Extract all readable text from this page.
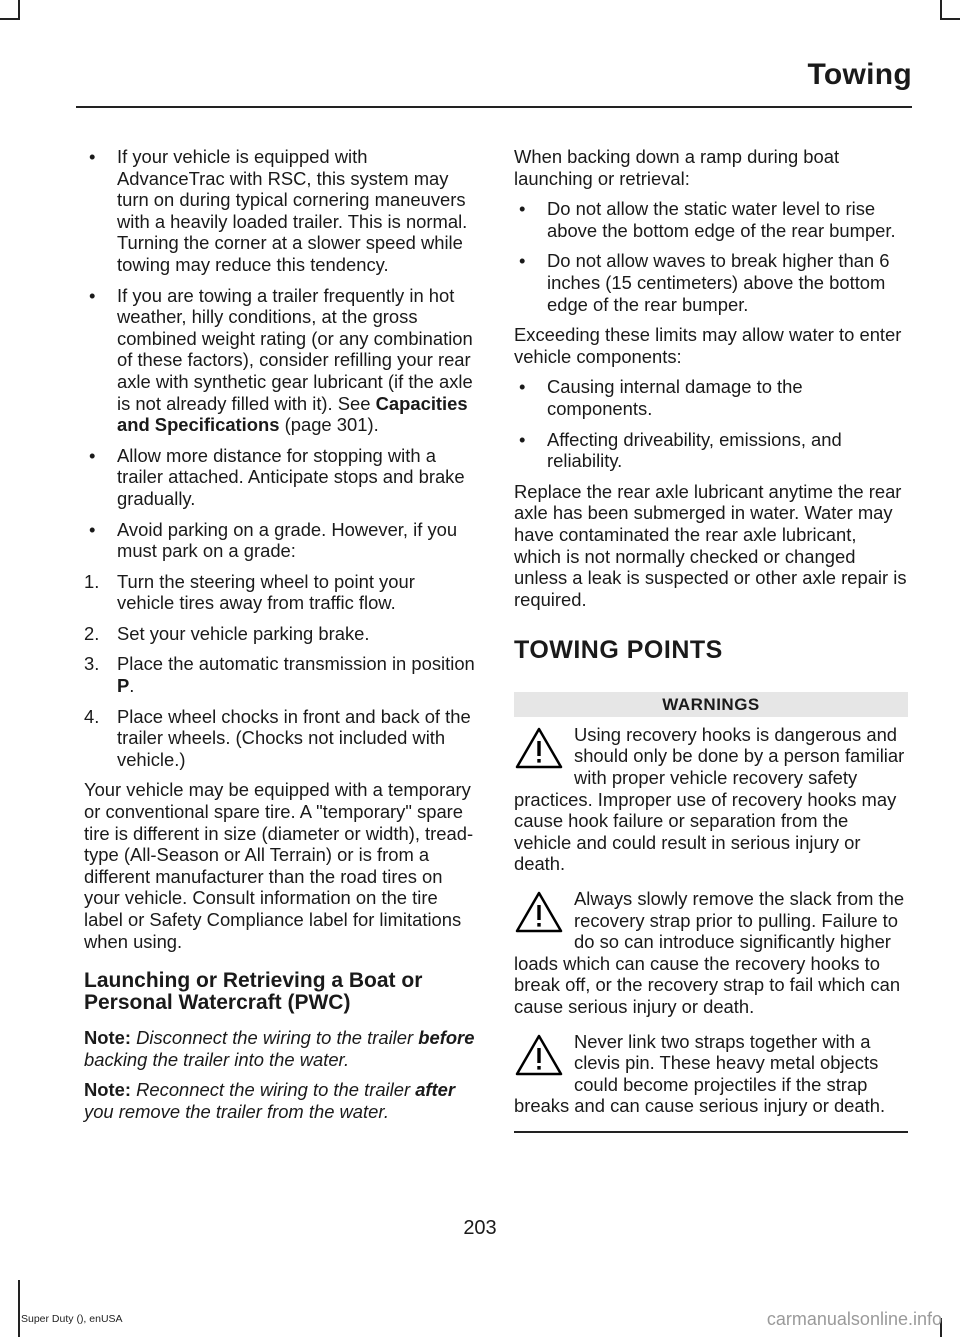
Towing
• If your vehicle is equipped with AdvanceTrac with RSC, this system may turn on during typical cornering maneuvers with a heavily loaded trailer. This is normal. Turning the corner at a slower speed while towing may reduce this tendency.
• If you are towing a trailer frequently in hot weather, hilly conditions, at the gross combined weight rating (or any combination of these factors), consider refilling your rear axle with synthetic gear lubricant (if the axle is not already filled with it). See Capacities and Specifications (page 301).
• Allow more distance for stopping with a trailer attached. Anticipate stops and brake gradually.
• Avoid parking on a grade. However, if you must park on a grade:
1. Turn the steering wheel to point your vehicle tires away from traffic flow.
2. Set your vehicle parking brake.
3. Place the automatic transmission in position P.
4. Place wheel chocks in front and back of the trailer wheels. (Chocks not included with vehicle.)

Your vehicle may be equipped with a temporary or conventional spare tire. A "temporary" spare tire is different in size (diameter or width), tread-type (All-Season or All Terrain) or is from a different manufacturer than the road tires on your vehicle. Consult information on the tire label or Safety Compliance label for limitations when using.

Launching or Retrieving a Boat or Personal Watercraft (PWC)

Note: Disconnect the wiring to the trailer before backing the trailer into the water.

Note: Reconnect the wiring to the trailer after you remove the trailer from the water.

When backing down a ramp during boat launching or retrieval:

• Do not allow the static water level to rise above the bottom edge of the rear bumper.
• Do not allow waves to break higher than 6 inches (15 centimeters) above the bottom edge of the rear bumper.

Exceeding these limits may allow water to enter vehicle components:

• Causing internal damage to the components.
• Affecting driveability, emissions, and reliability.

Replace the rear axle lubricant anytime the rear axle has been submerged in water. Water may have contaminated the rear axle lubricant, which is not normally checked or changed unless a leak is suspected or other axle repair is required.

TOWING POINTS
WARNINGS
Using recovery hooks is dangerous and should only be done by a person familiar with proper vehicle recovery safety practices. Improper use of recovery hooks may cause hook failure or separation from the vehicle and could result in serious injury or death.
Always slowly remove the slack from the recovery strap prior to pulling. Failure to do so can introduce significantly higher loads which can cause the recovery hooks to break off, or the recovery strap to fail which can cause serious injury or death.
Never link two straps together with a clevis pin. These heavy metal objects could become projectiles if the strap breaks and can cause serious injury or death.
203
Super Duty (), enUSA	carmanualsonline.info
